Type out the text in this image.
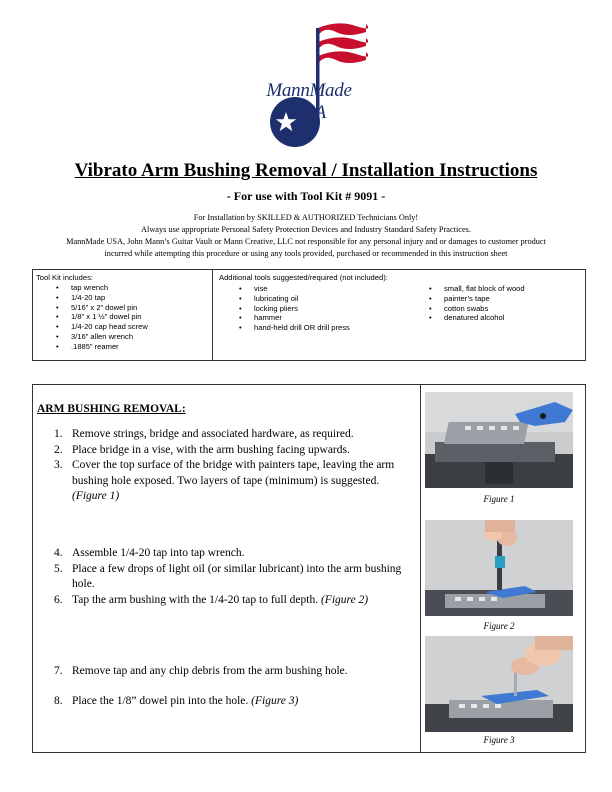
MannMade USA
Vibrato Arm Bushing Removal / Installation Instructions
- For use with Tool Kit # 9091 -
For Installation by SKILLED & AUTHORIZED Technicians Only!
Always use appropriate Personal Safety Protection Devices and Industry Standard Safety Practices.
MannMade USA, John Mann’s Guitar Vault or Mann Creative, LLC not responsible for any personal injury and or damages to customer product
incurred while attempting this procedure or using any tools provided, purchased or recommended in this instruction sheet
Tool Kit includes:
• tap wrench
• 1/4-20 tap
• 5/16” x 2” dowel pin
• 1/8” x 1 ½” dowel pin
• 1/4-20 cap head screw
• 3/16” allen wrench
• .1885” reamer
Additional tools suggested/required (not included):
• vise
• lubricating oil
• locking pliers
• hammer
• hand-held drill OR drill press
• small, flat block of wood
• painter’s tape
• cotton swabs
• denatured alcohol
ARM BUSHING REMOVAL:
1. Remove strings, bridge and associated hardware, as required.
2. Place bridge in a vise, with the arm bushing facing upwards.
3. Cover the top surface of the bridge with painters tape, leaving the arm bushing hole exposed. Two layers of tape (minimum) is suggested.
(Figure 1)
4. Assemble 1/4-20 tap into tap wrench.
5. Place a few drops of light oil (or similar lubricant) into the arm bushing hole.
6. Tap the arm bushing with the 1/4-20 tap to full depth. (Figure 2)
7. Remove tap and any chip debris from the arm bushing hole.
8. Place the 1/8” dowel pin into the hole. (Figure 3)
Figure 1
Figure 2
Figure 3
